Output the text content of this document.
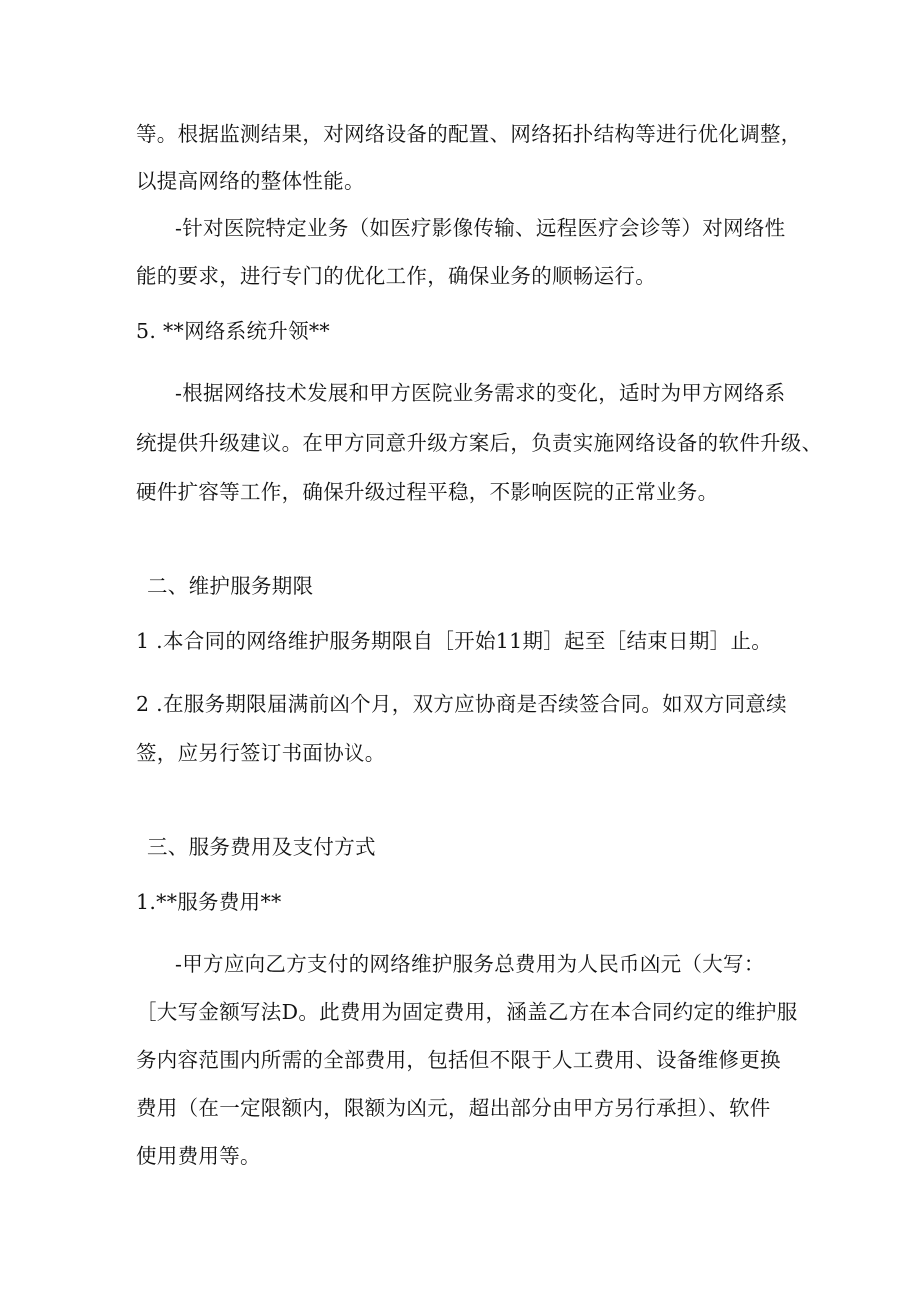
等。根据监测结果，对网络设备的配置、网络拓扑结构等进行优化调整，
以提高网络的整体性能。
-针对医院特定业务（如医疗影像传输、远程医疗会诊等）对网络性
能的要求，进行专门的优化工作，确保业务的顺畅运行。
5. **网络系统升领**
-根据网络技术发展和甲方医院业务需求的变化，适时为甲方网络系
统提供升级建议。在甲方同意升级方案后，负责实施网络设备的软件升级、
硬件扩容等工作，确保升级过程平稳，不影响医院的正常业务。
二、维护服务期限
1 .本合同的网络维护服务期限自［开始11期］起至［结束日期］止。
2 .在服务期限届满前凶个月，双方应协商是否续签合同。如双方同意续
签，应另行签订书面协议。
三、服务费用及支付方式
1.**服务费用**
-甲方应向乙方支付的网络维护服务总费用为人民币凶元（大写：
［大写金额写法D。此费用为固定费用，涵盖乙方在本合同约定的维护服
务内容范围内所需的全部费用，包括但不限于人工费用、设备维修更换
费用（在一定限额内，限额为凶元，超出部分由甲方另行承担）、软件
使用费用等。
